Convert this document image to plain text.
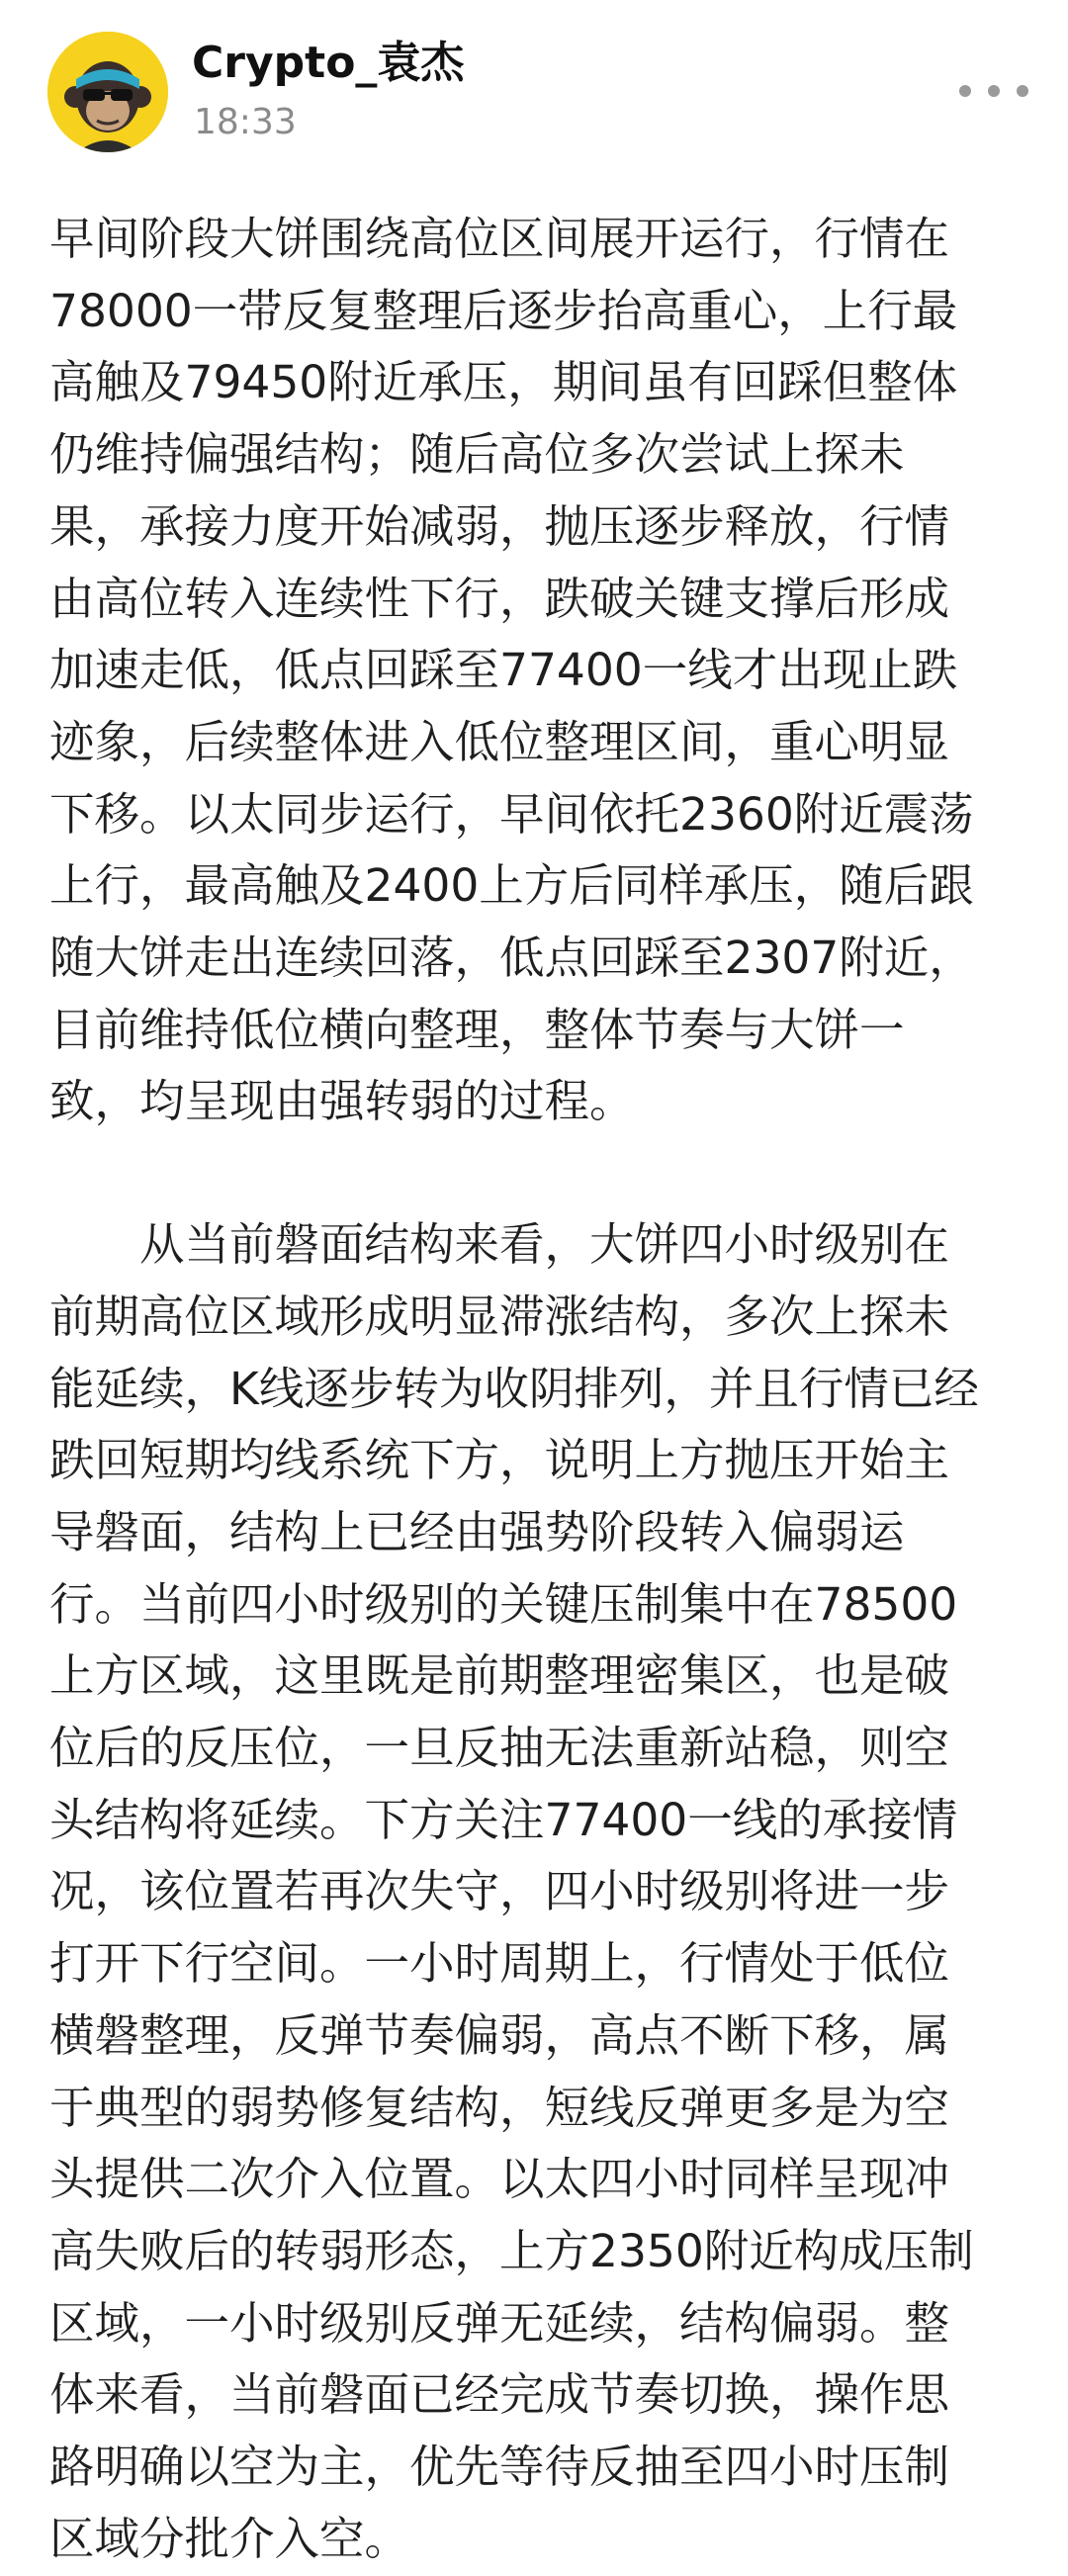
Crypto_袁杰
18:33

早间阶段大饼围绕高位区间展开运行，行情在
78000一带反复整理后逐步抬高重心，上行最
高触及79450附近承压，期间虽有回踩但整体
仍维持偏强结构；随后高位多次尝试上探未
果，承接力度开始减弱，抛压逐步释放，行情
由高位转入连续性下行，跌破关键支撑后形成
加速走低，低点回踩至77400一线才出现止跌
迹象，后续整体进入低位整理区间，重心明显
下移。以太同步运行，早间依托2360附近震荡
上行，最高触及2400上方后同样承压，随后跟
随大饼走出连续回落，低点回踩至2307附近，
目前维持低位横向整理，整体节奏与大饼一
致，均呈现由强转弱的过程。

　　从当前磐面结构来看，大饼四小时级别在
前期高位区域形成明显滞涨结构，多次上探未
能延续，K线逐步转为收阴排列，并且行情已经
跌回短期均线系统下方，说明上方抛压开始主
导磐面，结构上已经由强势阶段转入偏弱运
行。当前四小时级别的关键压制集中在78500
上方区域，这里既是前期整理密集区，也是破
位后的反压位，一旦反抽无法重新站稳，则空
头结构将延续。下方关注77400一线的承接情
况，该位置若再次失守，四小时级别将进一步
打开下行空间。一小时周期上，行情处于低位
横磐整理，反弹节奏偏弱，高点不断下移，属
于典型的弱势修复结构，短线反弹更多是为空
头提供二次介入位置。以太四小时同样呈现冲
高失败后的转弱形态，上方2350附近构成压制
区域，一小时级别反弹无延续，结构偏弱。整
体来看，当前磐面已经完成节奏切换，操作思
路明确以空为主，优先等待反抽至四小时压制
区域分批介入空。
